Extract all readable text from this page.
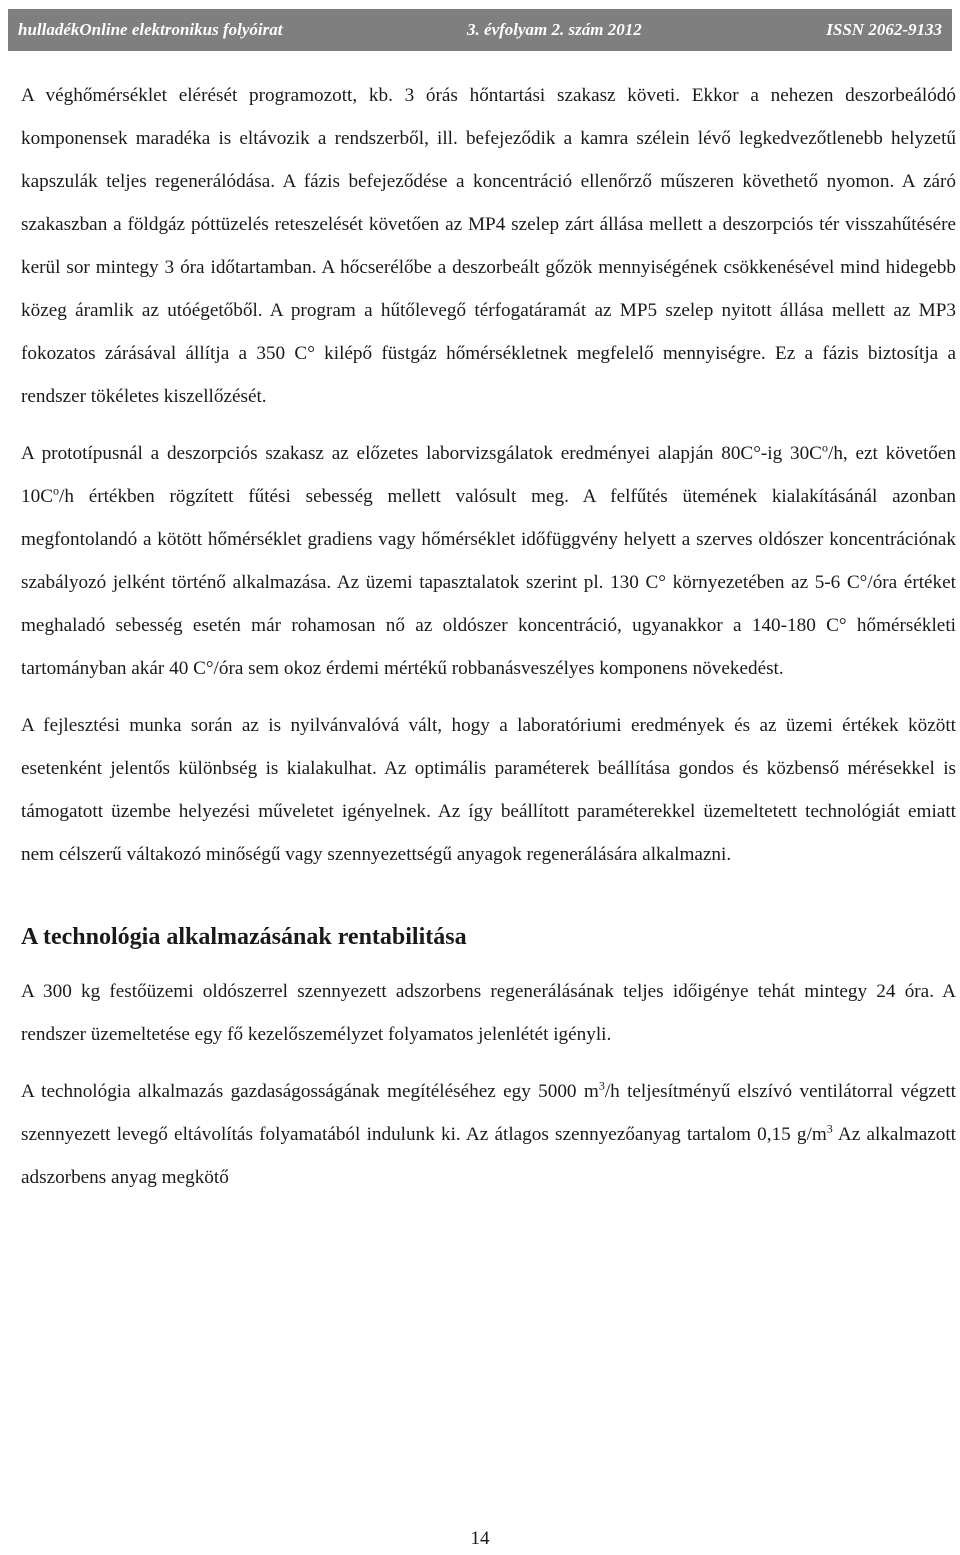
hulladékOnline elektronikus folyóirat	3. évfolyam 2. szám 2012	ISSN 2062-9133

A véghőmérséklet elérését programozott, kb. 3 órás hőntartási szakasz követi. Ekkor a nehezen deszorbeálódó komponensek maradéka is eltávozik a rendszerből, ill. befejeződik a kamra szélein lévő legkedvezőtlenebb helyzetű kapszulák teljes regenerálódása. A fázis befejeződése a koncentráció ellenőrző műszeren követhető nyomon. A záró szakaszban a földgáz póttüzelés reteszelését követően az MP4 szelep zárt állása mellett a deszorpciós tér visszahűtésére kerül sor mintegy 3 óra időtartamban. A hőcserélőbe a deszorbeált gőzök mennyiségének csökkenésével mind hidegebb közeg áramlik az utóégetőből. A program a hűtőlevegő térfogatáramát az MP5 szelep nyitott állása mellett az MP3 fokozatos zárásával állítja a 350 C° kilépő füstgáz hőmérsékletnek megfelelő mennyiségre. Ez a fázis biztosítja a rendszer tökéletes kiszellőzését.

A prototípusnál a deszorpciós szakasz az előzetes laborvizsgálatok eredményei alapján 80C°-ig $30C^o/h$, ezt követően $10C^o/h$ értékben rögzített fűtési sebesség mellett valósult meg. A felfűtés ütemének kialakításánál azonban megfontolandó a kötött hőmérséklet gradiens vagy hőmérséklet időfüggvény helyett a szerves oldószer koncentrációnak szabályozó jelként történő alkalmazása. Az üzemi tapasztalatok szerint pl. 130 C° környezetében az 5-6 C°/óra értéket meghaladó sebesség esetén már rohamosan nő az oldószer koncentráció, ugyanakkor a 140-180 C° hőmérsékleti tartományban akár 40 C°/óra sem okoz érdemi mértékű robbanásveszélyes komponens növekedést.

A fejlesztési munka során az is nyilvánvalóvá vált, hogy a laboratóriumi eredmények és az üzemi értékek között esetenként jelentős különbség is kialakulhat. Az optimális paraméterek beállítása gondos és közbenső mérésekkel is támogatott üzembe helyezési műveletet igényelnek. Az így beállított paraméterekkel üzemeltetett technológiát emiatt nem célszerű váltakozó minőségű vagy szennyezettségű anyagok regenerálására alkalmazni.

A technológia alkalmazásának rentabilitása

A 300 kg festőüzemi oldószerrel szennyezett adszorbens regenerálásának teljes időigénye tehát mintegy 24 óra. A rendszer üzemeltetése egy fő kezelőszemélyzet folyamatos jelenlétét igényli.

A technológia alkalmazás gazdaságosságának megítéléséhez egy 5000 $m^3/h$ teljesítményű elszívó ventilátorral végzett szennyezett levegő eltávolítás folyamatából indulunk ki. Az átlagos szennyezőanyag tartalom 0,15 $g/m^3$ Az alkalmazott adszorbens anyag megkötő

14
